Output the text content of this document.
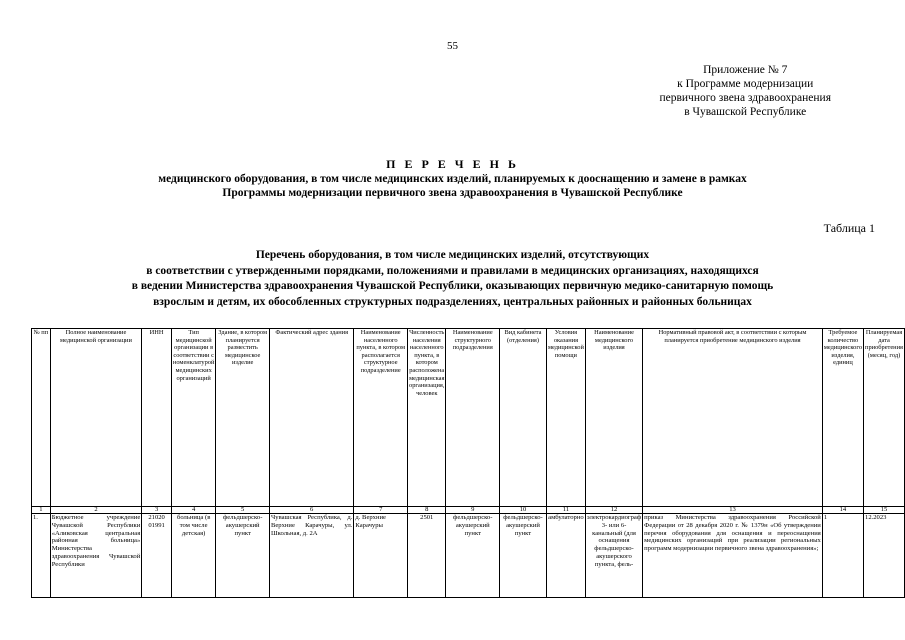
55
Приложение № 7
к Программе модернизации
первичного звена здравоохранения
в Чувашской Республике
П Е Р Е Ч Е Н Ь
медицинского оборудования, в том числе медицинских изделий, планируемых к дооснащению и замене в рамках
Программы модернизации первичного звена здравоохранения в Чувашской Республике
Таблица 1
Перечень оборудования, в том числе медицинских изделий, отсутствующих
в соответствии с утвержденными порядками, положениями и правилами в медицинских организациях, находящихся
в ведении Министерства здравоохранения Чувашской Республики, оказывающих первичную медико-санитарную помощь
взрослым и детям, их обособленных структурных подразделениях, центральных районных и районных больницах
№ пп	Полное наименование медицинской организации	ИНН	Тип медицинской организации в соответствии с номенклатурой медицинских организаций	Здание, в котором планируется разместить медицинское изделие	Фактический адрес здания	Наименование населенного пункта, в котором располагается структурное подразделение	Численность населения населенного пункта, в котором расположена медицинская организация, человек	Наименование структурного подразделения	Вид кабинета (отделения)	Условия оказания медицинской помощи	Наименование медицинского изделия	Нормативный правовой акт, в соответствии с которым планируется приобретение медицинского изделия	Требуемое количество медицинского изделия, единиц	Планируемая дата приобретения (месяц, год)
1	2	3	4	5	6	7	8	9	10	11	12	13	14	15
1.	Бюджетное учреждение Чувашской Республики «Аликовская центральная районная больница» Министерства здравоохранения Чувашской Республики	21020 01991	больница (в том числе детская)	фельдшерско-акушерский пункт	Чувашская Республика, д. Верхние Карачуры, ул. Школьная, д. 2А	д. Верхние Карачуры	2501	фельдшерско-акушерский пункт	фельдшерско-акушерский пункт	амбулаторно	электрокардиограф 3- или 6-канальный (для оснащения фельдшерско-акушерского пункта, фель-	приказ Министерства здравоохранения Российской Федерации от 28 декабря 2020 г. № 1379н «Об утверждении перечня оборудования для оснащения и переоснащения медицинских организаций при реализации региональных программ модернизации первичного звена здравоохранения»;	1	12.2023
